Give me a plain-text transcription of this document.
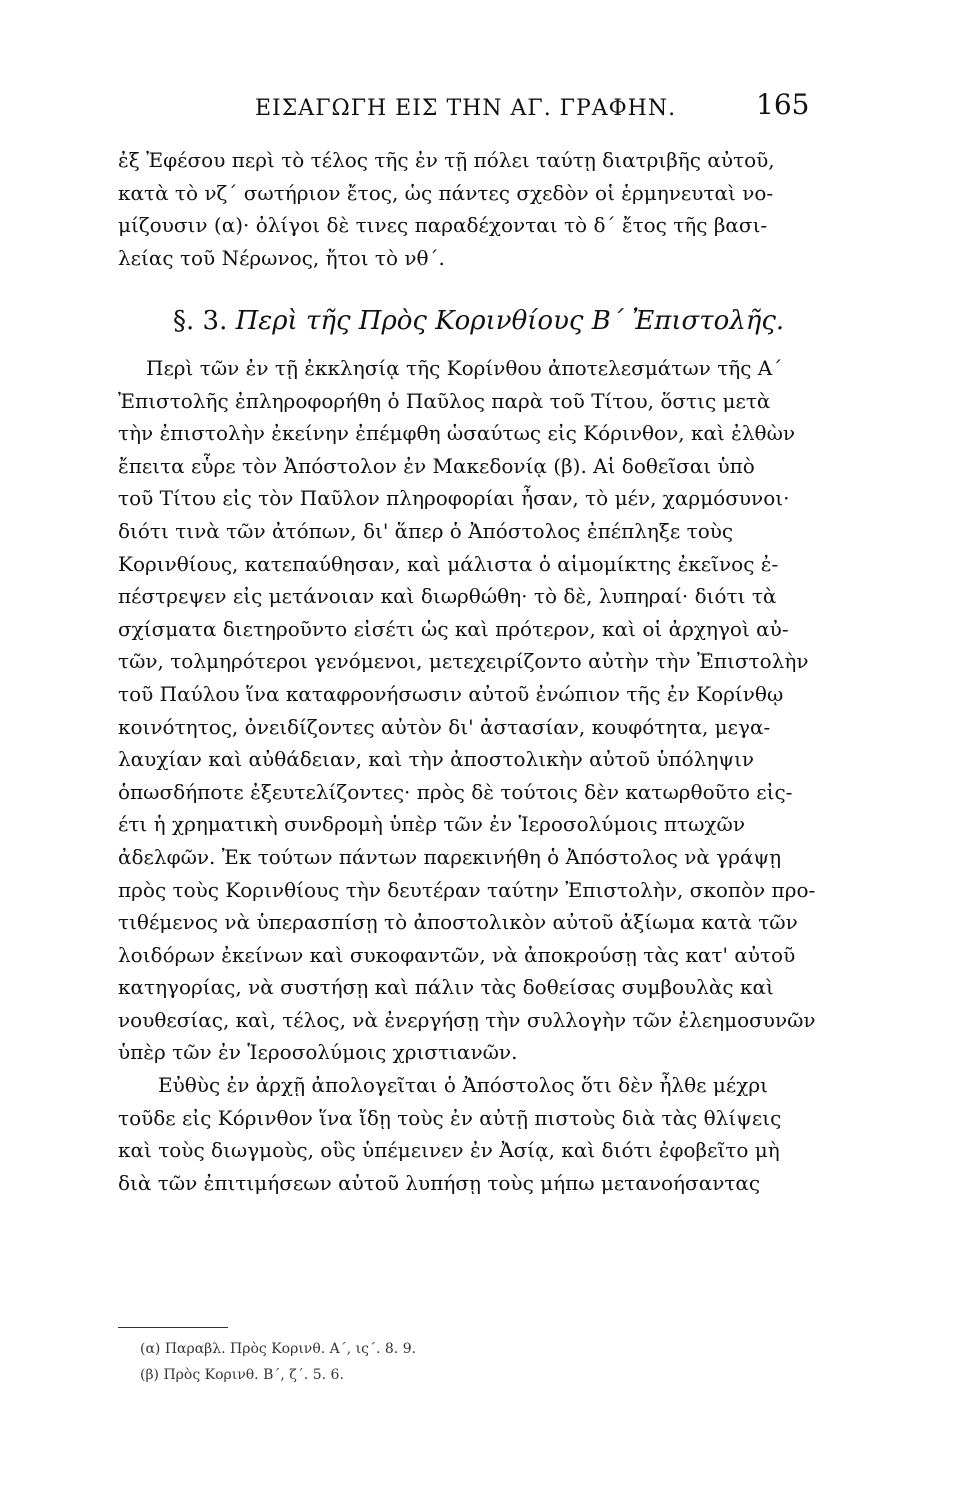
ΕΙΣΑΓΩΓΗ ΕΙΣ ΤΗΝ ΑΓ. ΓΡΑΦΗΝ.	165
ἐξ Ἐφέσου περὶ τὸ τέλος τῆς ἐν τῇ πόλει ταύτῃ διατριβῆς αὐτοῦ,
κατὰ τὸ νζ´ σωτήριον ἔτος, ὡς πάντες σχεδὸν οἱ ἑρμηνευταὶ νο-
μίζουσιν (α)· ὀλίγοι δὲ τινες παραδέχονται τὸ δ´ ἔτος τῆς βασι-
λείας τοῦ Νέρωνος, ἤτοι τὸ νθ´.
§. 3. Περὶ τῆς Πρὸς Κορινθίους Β´ Ἐπιστολῆς.
Περὶ τῶν ἐν τῇ ἐκκλησίᾳ τῆς Κορίνθου ἀποτελεσμάτων τῆς Α´
Ἐπιστολῆς ἐπληροφορήθη ὁ Παῦλος παρὰ τοῦ Τίτου, ὅστις μετὰ
τὴν ἐπιστολὴν ἐκείνην ἐπέμφθη ὡσαύτως εἰς Κόρινθον, καὶ ἐλθὼν
ἔπειτα εὗρε τὸν Ἀπόστολον ἐν Μακεδονίᾳ (β). Αἱ δοθεῖσαι ὑπὸ
τοῦ Τίτου εἰς τὸν Παῦλον πληροφορίαι ἦσαν, τὸ μέν, χαρμόσυνοι·
διότι τινὰ τῶν ἀτόπων, δι' ἅπερ ὁ Ἀπόστολος ἐπέπληξε τοὺς
Κορινθίους, κατεπαύθησαν, καὶ μάλιστα ὁ αἱμομίκτης ἐκεῖνος ἐ-
πέστρεψεν εἰς μετάνοιαν καὶ διωρθώθη· τὸ δὲ, λυπηραί· διότι τὰ
σχίσματα διετηροῦντο εἰσέτι ὡς καὶ πρότερον, καὶ οἱ ἀρχηγοὶ αὐ-
τῶν, τολμηρότεροι γενόμενοι, μετεχειρίζοντο αὐτὴν τὴν Ἐπιστολὴν
τοῦ Παύλου ἵνα καταφρονήσωσιν αὐτοῦ ἐνώπιον τῆς ἐν Κορίνθῳ
κοινότητος, ὀνειδίζοντες αὐτὸν δι' ἀστασίαν, κουφότητα, μεγα-
λαυχίαν καὶ αὐθάδειαν, καὶ τὴν ἀποστολικὴν αὐτοῦ ὑπόληψιν
ὁπωσδήποτε ἐξευτελίζοντες· πρὸς δὲ τούτοις δὲν κατωρθοῦτο εἰς-
έτι ἡ χρηματικὴ συνδρομὴ ὑπὲρ τῶν ἐν Ἱεροσολύμοις πτωχῶν
ἀδελφῶν. Ἐκ τούτων πάντων παρεκινήθη ὁ Ἀπόστολος νὰ γράψῃ
πρὸς τοὺς Κορινθίους τὴν δευτέραν ταύτην Ἐπιστολὴν, σκοπὸν προ-
τιθέμενος νὰ ὑπερασπίσῃ τὸ ἀποστολικὸν αὐτοῦ ἀξίωμα κατὰ τῶν
λοιδόρων ἐκείνων καὶ συκοφαντῶν, νὰ ἀποκρούσῃ τὰς κατ' αὐτοῦ
κατηγορίας, νὰ συστήσῃ καὶ πάλιν τὰς δοθείσας συμβουλὰς καὶ
νουθεσίας, καὶ, τέλος, νὰ ἐνεργήσῃ τὴν συλλογὴν τῶν ἐλεημοσυνῶν
ὑπὲρ τῶν ἐν Ἱεροσολύμοις χριστιανῶν.
Εὐθὺς ἐν ἀρχῇ ἀπολογεῖται ὁ Ἀπόστολος ὅτι δὲν ἦλθε μέχρι
τοῦδε εἰς Κόρινθον ἵνα ἴδῃ τοὺς ἐν αὐτῇ πιστοὺς διὰ τὰς θλίψεις
καὶ τοὺς διωγμοὺς, οὓς ὑπέμεινεν ἐν Ἀσίᾳ, καὶ διότι ἐφοβεῖτο μὴ
διὰ τῶν ἐπιτιμήσεων αὐτοῦ λυπήσῃ τοὺς μήπω μετανοήσαντας
(α) Παραβλ. Πρὸς Κορινθ. Α´, ις´. 8. 9.
(β) Πρὸς Κορινθ. Β´, ζ´. 5. 6.
